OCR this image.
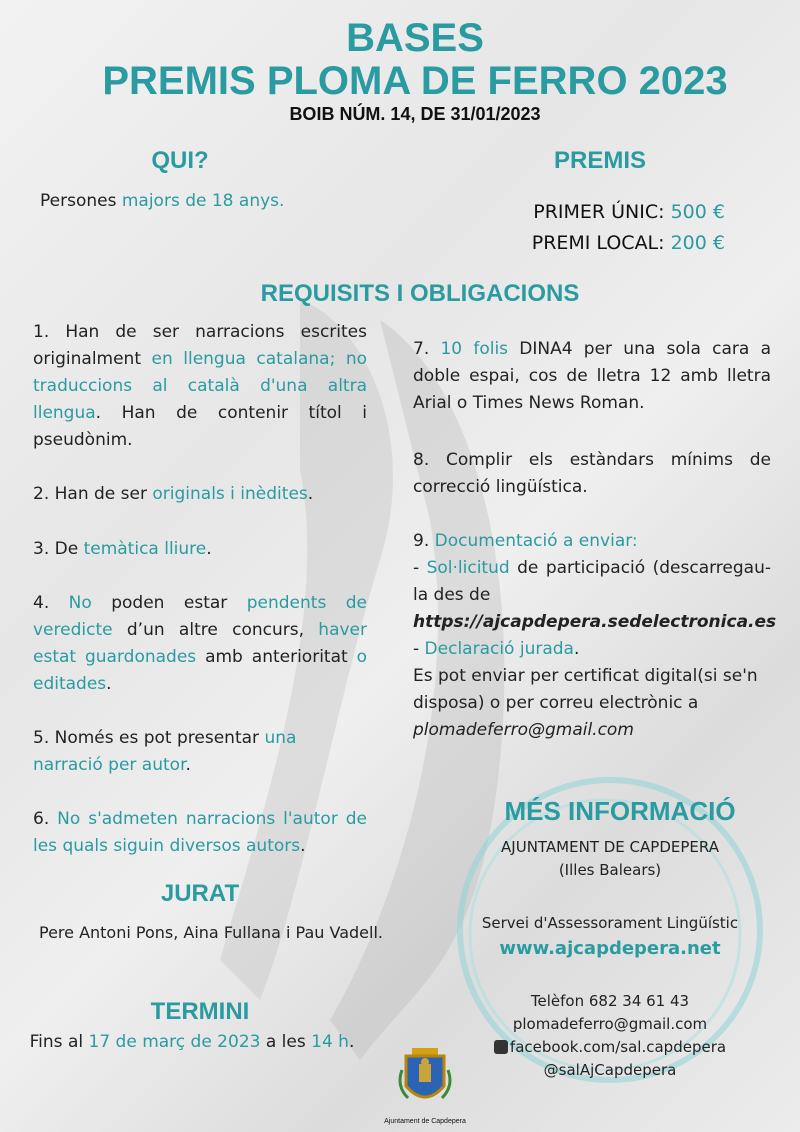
BASES
PREMIS PLOMA DE FERRO 2023
BOIB NÚM. 14, DE 31/01/2023
QUI?
Persones majors de 18 anys.
PREMIS
PRIMER ÚNIC: 500 €
PREMI LOCAL: 200 €
REQUISITS I OBLIGACIONS
1. Han de ser narracions escrites originalment en llengua catalana; no traduccions al català d'una altra llengua. Han de contenir títol i pseudònim.
2. Han de ser originals i inèdites.
3. De temàtica lliure.
4. No poden estar pendents de veredicte d’un altre concurs, haver estat guardonades amb anterioritat o editades.
5. Només es pot presentar una narració per autor.
6. No s'admeten narracions l'autor de les quals siguin diversos autors.
7. 10 folis DINA4 per una sola cara a doble espai, cos de lletra 12 amb lletra Arial o Times News Roman.
8. Complir els estàndars mínims de correcció lingüística.

9. Documentació a enviar:

- Sol·licitud de participació (descarregau-la des de

https://ajcapdepera.sedelectronica.es

- Declaració jurada.

Es pot enviar per certificat digital(si se'n disposa) o per correu electrònic a plomadeferro@gmail.com

JURAT
Pere Antoni Pons, Aina Fullana i Pau Vadell.
TERMINI
Fins al 17 de març de 2023 a les 14 h.
Ajuntament de Capdepera
MÉS INFORMACIÓ
AJUNTAMENT DE CAPDEPERA
(Illes Balears)
Servei d'Assessorament Lingüístic
www.ajcapdepera.net
Telèfon 682 34 61 43
plomadeferro@gmail.com
facebook.com/sal.capdepera
@salAjCapdepera
